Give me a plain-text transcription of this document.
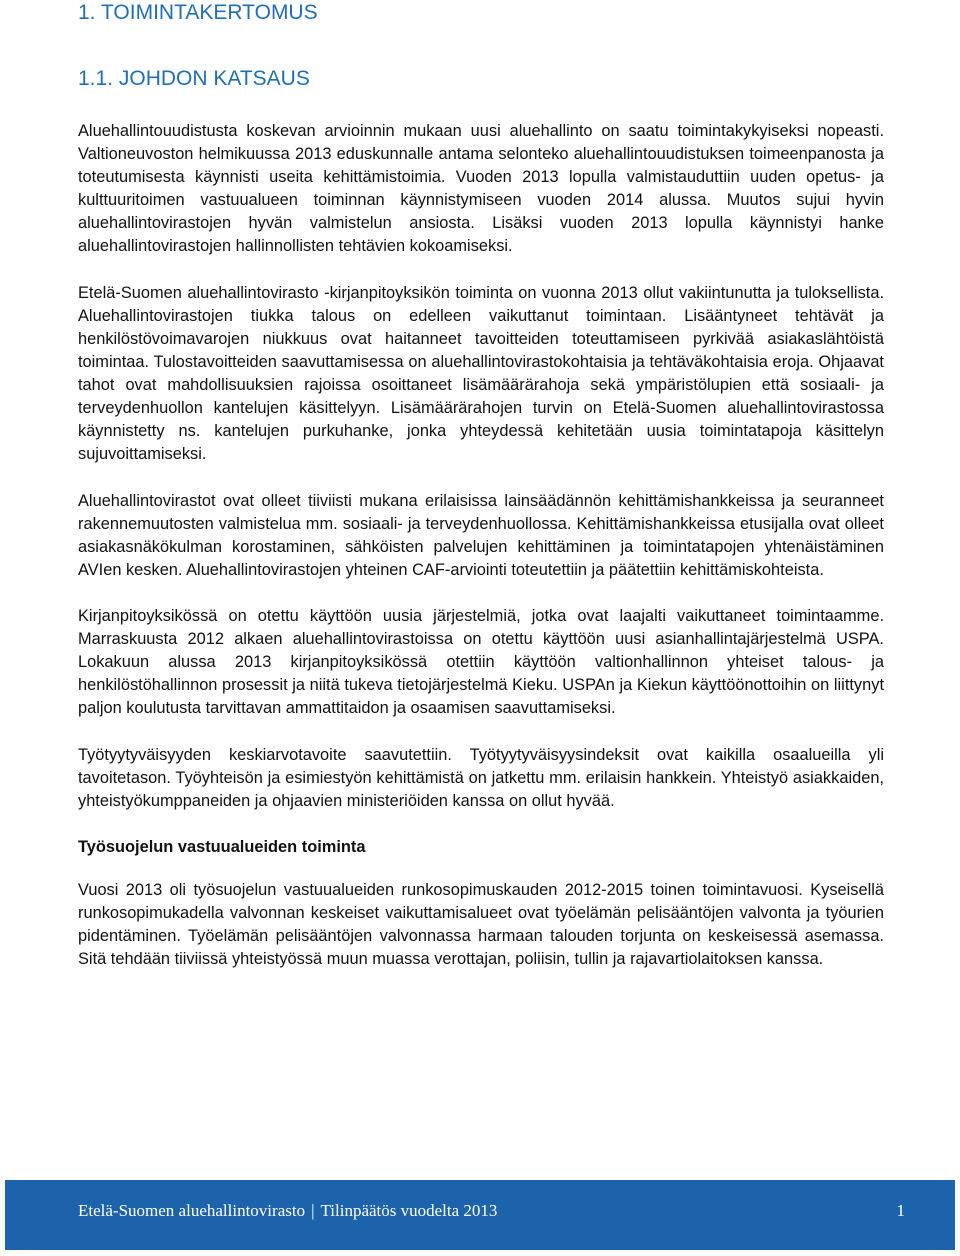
1. TOIMINTAKERTOMUS
1.1. JOHDON KATSAUS

Aluehallintouudistusta koskevan arvioinnin mukaan uusi aluehallinto on saatu toimintakykyiseksi nopeasti. Valtioneuvoston helmikuussa 2013 eduskunnalle antama selonteko aluehallintouudistuksen toimeenpanosta ja toteutumisesta käynnisti useita kehittämistoimia. Vuoden 2013 lopulla valmistauduttiin uuden opetus- ja kulttuuritoimen vastuualueen toiminnan käynnistymiseen vuoden 2014 alussa. Muutos sujui hyvin aluehallintovirastojen hyvän valmistelun ansiosta. Lisäksi vuoden 2013 lopulla käynnistyi hanke aluehallintovirastojen hallinnollisten tehtävien kokoamiseksi.

Etelä-Suomen aluehallintovirasto -kirjanpitoyksikön toiminta on vuonna 2013 ollut vakiintunutta ja tuloksellista. Aluehallintovirastojen tiukka talous on edelleen vaikuttanut toimintaan. Lisääntyneet tehtävät ja henkilöstövoimavarojen niukkuus ovat haitanneet tavoitteiden toteuttamiseen pyrkivää asiakaslähtöistä toimintaa. Tulostavoitteiden saavuttamisessa on aluehallintovirastokohtaisia ja tehtäväkohtaisia eroja. Ohjaavat tahot ovat mahdollisuuksien rajoissa osoittaneet lisämäärärahoja sekä ympäristölupien että sosiaali- ja terveydenhuollon kantelujen käsittelyyn. Lisämäärärahojen turvin on Etelä-Suomen aluehallintovirastossa käynnistetty ns. kantelujen purkuhanke, jonka yhteydessä kehitetään uusia toimintatapoja käsittelyn sujuvoittamiseksi.

Aluehallintovirastot ovat olleet tiiviisti mukana erilaisissa lainsäädännön kehittämishankkeissa ja seuranneet rakennemuutosten valmistelua mm. sosiaali- ja terveydenhuollossa. Kehittämishankkeissa etusijalla ovat olleet asiakasnäkökulman korostaminen, sähköisten palvelujen kehittäminen ja toimintatapojen yhtenäistäminen AVIen kesken. Aluehallintovirastojen yhteinen CAF-arviointi toteutettiin ja päätettiin kehittämiskohteista.

Kirjanpitoyksikössä on otettu käyttöön uusia järjestelmiä, jotka ovat laajalti vaikuttaneet toimintaamme. Marraskuusta 2012 alkaen aluehallintovirastoissa on otettu käyttöön uusi asianhallintajärjestelmä USPA. Lokakuun alussa 2013 kirjanpitoyksikössä otettiin käyttöön valtionhallinnon yhteiset talous- ja henkilöstöhallinnon prosessit ja niitä tukeva tietojärjestelmä Kieku. USPAn ja Kiekun käyttöönottoihin on liittynyt paljon koulutusta tarvittavan ammattitaidon ja osaamisen saavuttamiseksi.

Työtyytyväisyyden keskiarvotavoite saavutettiin. Työtyytyväisyysindeksit ovat kaikilla osaalueilla yli tavoitetason. Työyhteisön ja esimiestyön kehittämistä on jatkettu mm. erilaisin hankkein. Yhteistyö asiakkaiden, yhteistyökumppaneiden ja ohjaavien ministeriöiden kanssa on ollut hyvää.

Työsuojelun vastuualueiden toiminta

Vuosi 2013 oli työsuojelun vastuualueiden runkosopimuskauden 2012-2015 toinen toimintavuosi. Kyseisellä runkosopimukadella valvonnan keskeiset vaikuttamisalueet ovat työelämän pelisääntöjen valvonta ja työurien pidentäminen. Työelämän pelisääntöjen valvonnassa harmaan talouden torjunta on keskeisessä asemassa. Sitä tehdään tiiviissä yhteistyössä muun muassa verottajan, poliisin, tullin ja rajavartiolaitoksen kanssa.

Etelä-Suomen aluehallintovirasto | Tilinpäätös vuodelta 2013	1
